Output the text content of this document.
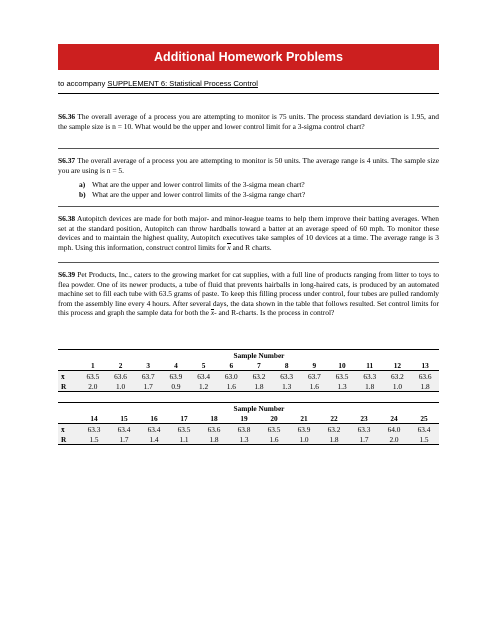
Additional Homework Problems
to accompany SUPPLEMENT 6: Statistical Process Control
S6.36 The overall average of a process you are attempting to monitor is 75 units. The process standard deviation is 1.95, and the sample size is n = 10. What would be the upper and lower control limit for a 3-sigma control chart?
S6.37 The overall average of a process you are attempting to monitor is 50 units. The average range is 4 units. The sample size you are using is n = 5.
a) What are the upper and lower control limits of the 3-sigma mean chart?
b) What are the upper and lower control limits of the 3-sigma range chart?
S6.38 Autopitch devices are made for both major- and minor-league teams to help them improve their batting averages. When set at the standard position, Autopitch can throw hardballs toward a batter at an average speed of 60 mph. To monitor these devices and to maintain the highest quality, Autopitch executives take samples of 10 devices at a time. The average range is 3 mph. Using this information, construct control limits for x and R charts.
S6.39 Pet Products, Inc., caters to the growing market for cat supplies, with a full line of products ranging from litter to toys to flea powder. One of its newer products, a tube of fluid that prevents hairballs in long-haired cats, is produced by an automated machine set to fill each tube with 63.5 grams of paste. To keep this filling process under control, four tubes are pulled randomly from the assembly line every 4 hours. After several days, the data shown in the table that follows resulted. Set control limits for this process and graph the sample data for both the x- and R-charts. Is the process in control?
	Sample Number												
	1	2	3	4	5	6	7	8	9	10	11	12	13
x̄	63.5	63.6	63.7	63.9	63.4	63.0	63.2	63.3	63.7	63.5	63.3	63.2	63.6
R	2.0	1.0	1.7	0.9	1.2	1.6	1.8	1.3	1.6	1.3	1.8	1.0	1.8
	Sample Number											
	14	15	16	17	18	19	20	21	22	23	24	25
x̄	63.3	63.4	63.4	63.5	63.6	63.8	63.5	63.9	63.2	63.3	64.0	63.4
R	1.5	1.7	1.4	1.1	1.8	1.3	1.6	1.0	1.8	1.7	2.0	1.5
